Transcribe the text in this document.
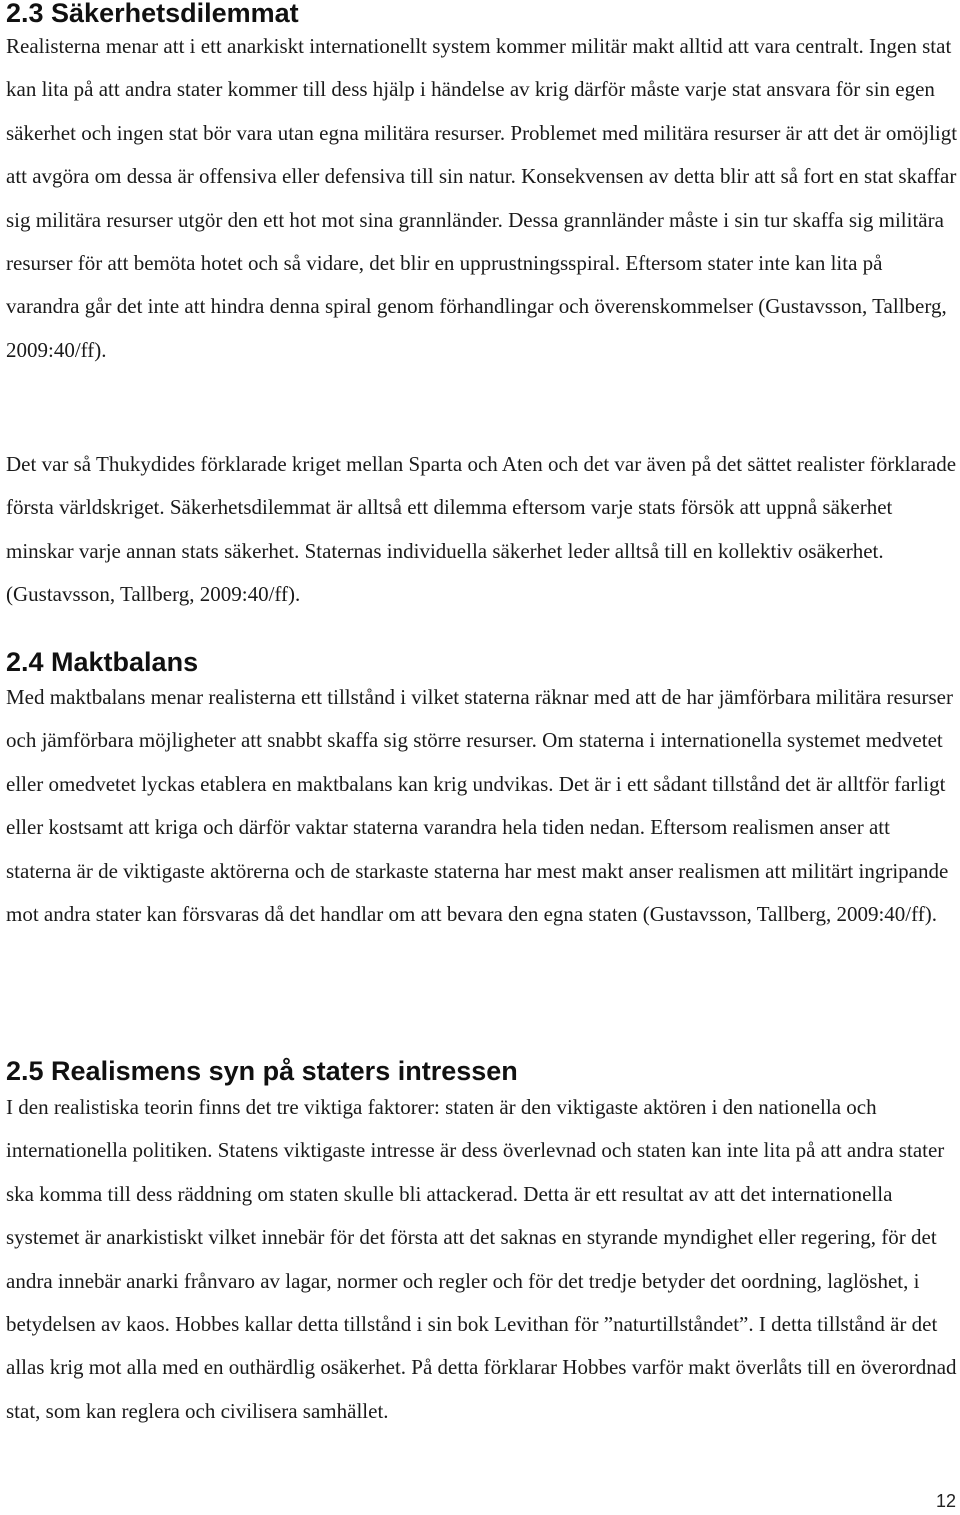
2.3 Säkerhetsdilemmat

Realisterna menar att i ett anarkiskt internationellt system kommer militär makt alltid att vara centralt. Ingen stat kan lita på att andra stater kommer till dess hjälp i händelse av krig därför måste varje stat ansvara för sin egen säkerhet och ingen stat bör vara utan egna militära resurser. Problemet med militära resurser är att det är omöjligt att avgöra om dessa är offensiva eller defensiva till sin natur. Konsekvensen av detta blir att så fort en stat skaffar sig militära resurser utgör den ett hot mot sina grannländer. Dessa grannländer måste i sin tur skaffa sig militära resurser för att bemöta hotet och så vidare, det blir en upprustningsspiral. Eftersom stater inte kan lita på varandra går det inte att hindra denna spiral genom förhandlingar och överenskommelser (Gustavsson, Tallberg, 2009:40/ff).

Det var så Thukydides förklarade kriget mellan Sparta och Aten och det var även på det sättet realister förklarade första världskriget. Säkerhetsdilemmat är alltså ett dilemma eftersom varje stats försök att uppnå säkerhet minskar varje annan stats säkerhet. Staternas individuella säkerhet leder alltså till en kollektiv osäkerhet. (Gustavsson, Tallberg, 2009:40/ff).

2.4 Maktbalans

Med maktbalans menar realisterna ett tillstånd i vilket staterna räknar med att de har jämförbara militära resurser och jämförbara möjligheter att snabbt skaffa sig större resurser. Om staterna i internationella systemet medvetet eller omedvetet lyckas etablera en maktbalans kan krig undvikas. Det är i ett sådant tillstånd det är alltför farligt eller kostsamt att kriga och därför vaktar staterna varandra hela tiden nedan. Eftersom realismen anser att staterna är de viktigaste aktörerna och de starkaste staterna har mest makt anser realismen att militärt ingripande mot andra stater kan försvaras då det handlar om att bevara den egna staten (Gustavsson, Tallberg, 2009:40/ff).

2.5 Realismens syn på staters intressen

I den realistiska teorin finns det tre viktiga faktorer: staten är den viktigaste aktören i den nationella och internationella politiken. Statens viktigaste intresse är dess överlevnad och staten kan inte lita på att andra stater ska komma till dess räddning om staten skulle bli attackerad. Detta är ett resultat av att det internationella systemet är anarkistiskt vilket innebär för det första att det saknas en styrande myndighet eller regering, för det andra innebär anarki frånvaro av lagar, normer och regler och för det tredje betyder det oordning, laglöshet, i betydelsen av kaos. Hobbes kallar detta tillstånd i sin bok Levithan för ”naturtillståndet”. I detta tillstånd är det allas krig mot alla med en outhärdlig osäkerhet. På detta förklarar Hobbes varför makt överlåts till en överordnad stat, som kan reglera och civilisera samhället.

12
